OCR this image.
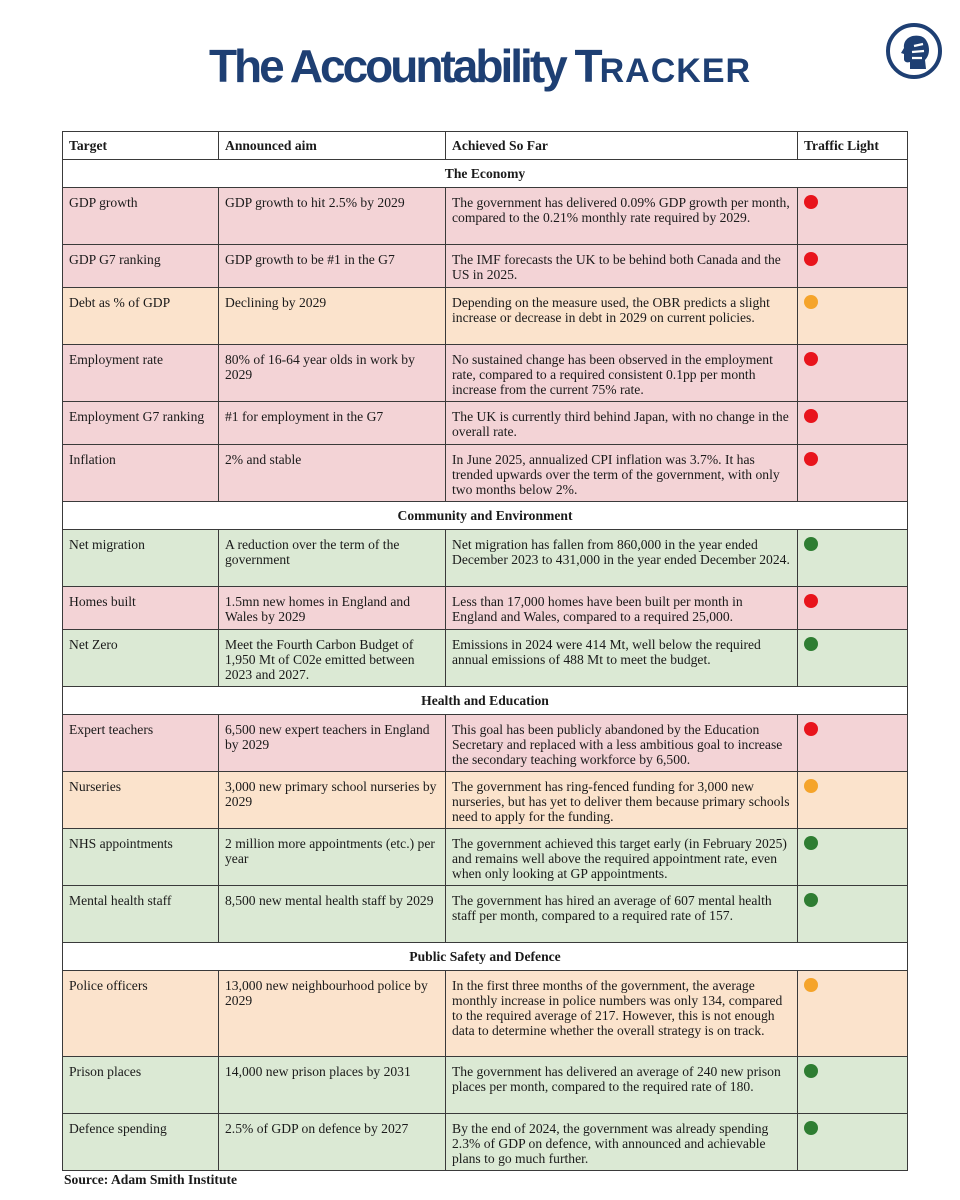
The Accountability TRACKER
Target	Announced aim	Achieved So Far	Traffic Light
The Economy			
GDP growth	GDP growth to hit 2.5% by 2029	The government has delivered 0.09% GDP growth per month, compared to the 0.21% monthly rate required by 2029.	
GDP G7 ranking	GDP growth to be #1 in the G7	The IMF forecasts the UK to be behind both Canada and the US in 2025.	
Debt as % of GDP	Declining by 2029	Depending on the measure used, the OBR predicts a slight increase or decrease in debt in 2029 on current policies.	
Employment rate	80% of 16-64 year olds in work by 2029	No sustained change has been observed in the employment rate, compared to a required consistent 0.1pp per month increase from the current 75% rate.	
Employment G7 ranking	#1 for employment in the G7	The UK is currently third behind Japan, with no change in the overall rate.	
Inflation	2% and stable	In June 2025, annualized CPI inflation was 3.7%. It has trended upwards over the term of the government, with only two months below 2%.	
Community and Environment			
Net migration	A reduction over the term of the government	Net migration has fallen from 860,000 in the year ended December 2023 to 431,000 in the year ended December 2024.	
Homes built	1.5mn new homes in England and Wales by 2029	Less than 17,000 homes have been built per month in England and Wales, compared to a required 25,000.	
Net Zero	Meet the Fourth Carbon Budget of 1,950 Mt of C02e emitted between 2023 and 2027.	Emissions in 2024 were 414 Mt, well below the required annual emissions of 488 Mt to meet the budget.	
Health and Education			
Expert teachers	6,500 new expert teachers in England by 2029	This goal has been publicly abandoned by the Education Secretary and replaced with a less ambitious goal to increase the secondary teaching workforce by 6,500.	
Nurseries	3,000 new primary school nurseries by 2029	The government has ring-fenced funding for 3,000 new nurseries, but has yet to deliver them because primary schools need to apply for the funding.	
NHS appointments	2 million more appointments (etc.) per year	The government achieved this target early (in February 2025) and remains well above the required appointment rate, even when only looking at GP appointments.	
Mental health staff	8,500 new mental health staff by 2029	The government has hired an average of 607 mental health staff per month, compared to a required rate of 157.	
Public Safety and Defence			
Police officers	13,000 new neighbourhood police by 2029	In the first three months of the government, the average monthly increase in police numbers was only 134, compared to the required average of 217. However, this is not enough data to determine whether the overall strategy is on track.	
Prison places	14,000 new prison places by 2031	The government has delivered an average of 240 new prison places per month, compared to the required rate of 180.	
Defence spending	2.5% of GDP on defence by 2027	By the end of 2024, the government was already spending 2.3% of GDP on defence, with announced and achievable plans to go much further.	
Source: Adam Smith Institute
